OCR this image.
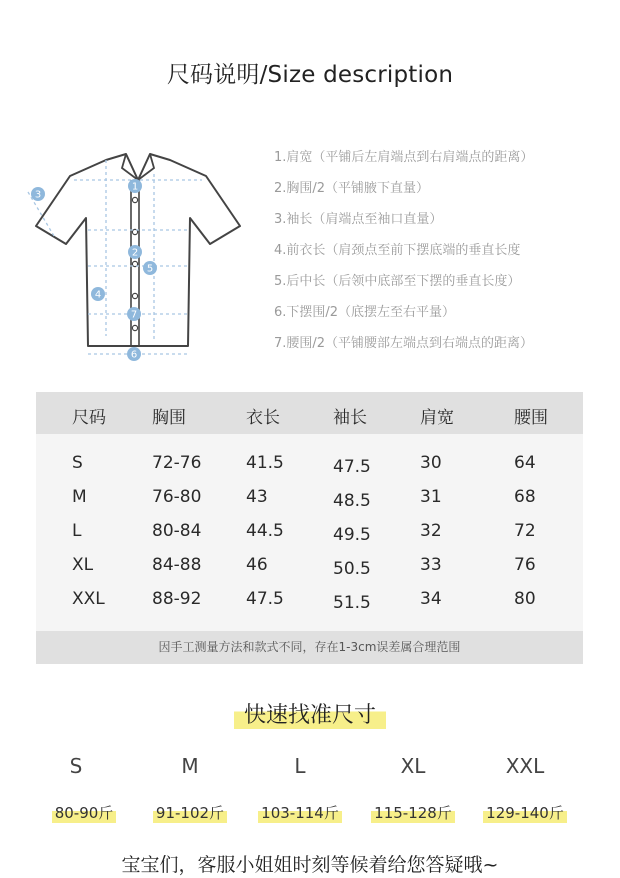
尺码说明/Size description
1
2
3
4
5
6
7
1.肩宽（平铺后左肩端点到右肩端点的距离）
2.胸围/2（平铺腋下直量）
3.袖长（肩端点至袖口直量）
4.前衣长（肩颈点至前下摆底端的垂直长度
5.后中长（后领中底部至下摆的垂直长度）
6.下摆围/2（底摆左至右平量）
7.腰围/2（平铺腰部左端点到右端点的距离）
因手工测量方法和款式不同，存在1-3cm误差属合理范围
尺码	胸围	衣长	袖长	肩宽	腰围
S	72-76	41.5	47.5	30	64
M	76-80	43	48.5	31	68
L	80-84	44.5	49.5	32	72
XL	84-88	46	50.5	33	76
XXL	88-92	47.5	51.5	34	80
快速找准尺寸
宝宝们，客服小姐姐时刻等候着给您答疑哦~
S	M	L	XL	XXL
80-90斤	91-102斤	103-114斤	115-128斤	129-140斤
